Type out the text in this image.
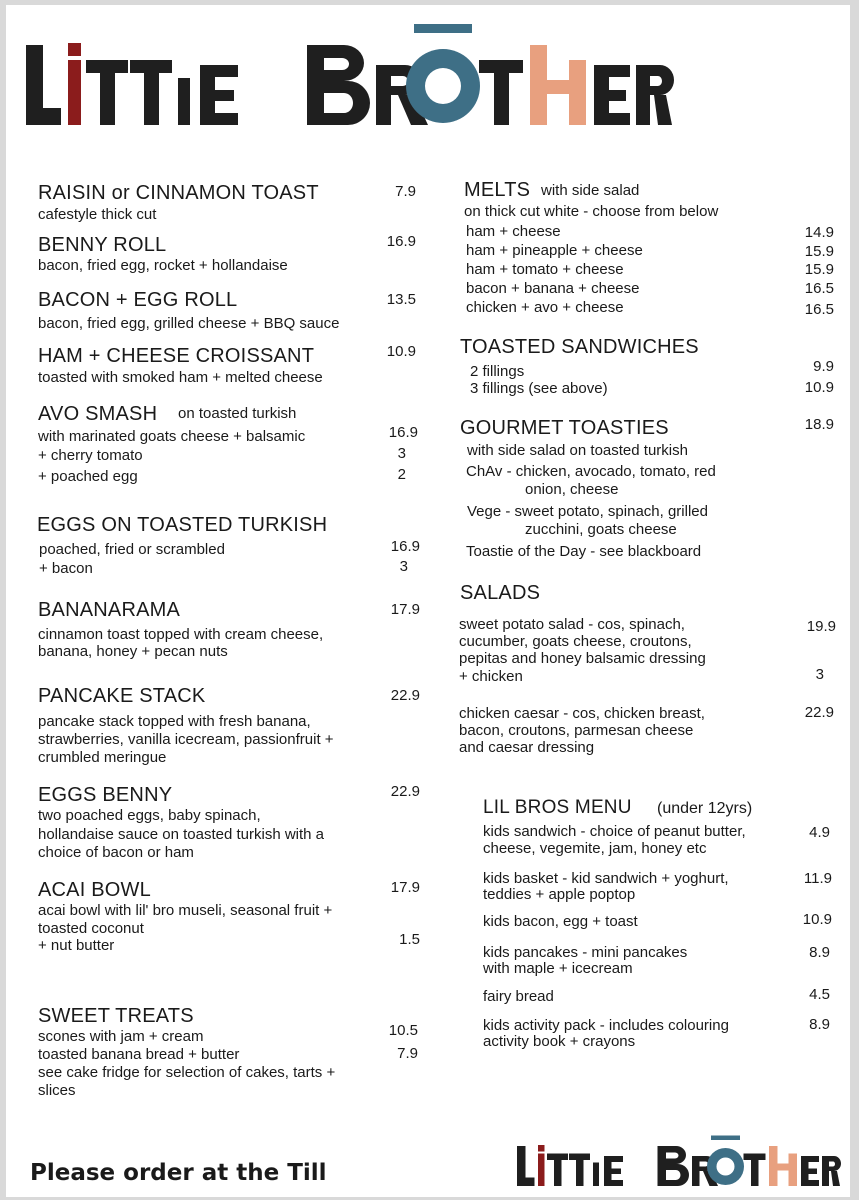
RAISIN or CINNAMON TOAST
cafestyle thick cut
7.9
BENNY ROLL
bacon, fried egg, rocket + hollandaise
16.9
BACON + EGG ROLL
bacon, fried egg, grilled cheese + BBQ sauce
13.5
HAM + CHEESE CROISSANT
toasted with smoked ham + melted cheese
10.9
AVO SMASH on toasted turkish
with marinated goats cheese + balsamic	16.9
+ cherry tomato	3
+ poached egg	2
EGGS ON TOASTED TURKISH
poached, fried or scrambled	16.9
+ bacon	3
BANANARAMA	17.9
cinnamon toast topped with cream cheese,
banana, honey + pecan nuts
PANCAKE STACK	22.9
pancake stack topped with fresh banana,
strawberries, vanilla icecream, passionfruit +
crumbled meringue
EGGS BENNY	22.9
two poached eggs, baby spinach,
hollandaise sauce on toasted turkish with a
choice of bacon or ham
ACAI BOWL	17.9
acai bowl with lil' bro museli, seasonal fruit +
toasted coconut
+ nut butter	1.5
SWEET TREATS
scones with jam + cream	10.5
toasted banana bread + butter	7.9
see cake fridge for selection of cakes, tarts +
slices
MELTS with side salad
on thick cut white - choose from below
ham + cheese	14.9
ham + pineapple + cheese	15.9
ham + tomato + cheese	15.9
bacon + banana + cheese	16.5
chicken + avo + cheese	16.5
TOASTED SANDWICHES
2 fillings	9.9
3 fillings (see above)	10.9
GOURMET TOASTIES	18.9
with side salad on toasted turkish
ChAv - chicken, avocado, tomato, red
onion, cheese
Vege - sweet potato, spinach, grilled
zucchini, goats cheese
Toastie of the Day - see blackboard
SALADS
sweet potato salad - cos, spinach,
cucumber, goats cheese, croutons,
pepitas and honey balsamic dressing
19.9
+ chicken	3
chicken caesar - cos, chicken breast,
bacon, croutons, parmesan cheese
and caesar dressing
22.9
LIL BROS MENU (under 12yrs)
kids sandwich - choice of peanut butter,
cheese, vegemite, jam, honey etc
4.9
kids basket - kid sandwich + yoghurt,
teddies + apple poptop
11.9
kids bacon, egg + toast	10.9
kids pancakes - mini pancakes
with maple + icecream
8.9
fairy bread	4.5
kids activity pack - includes colouring
activity book + crayons
8.9
Please order at the Till
